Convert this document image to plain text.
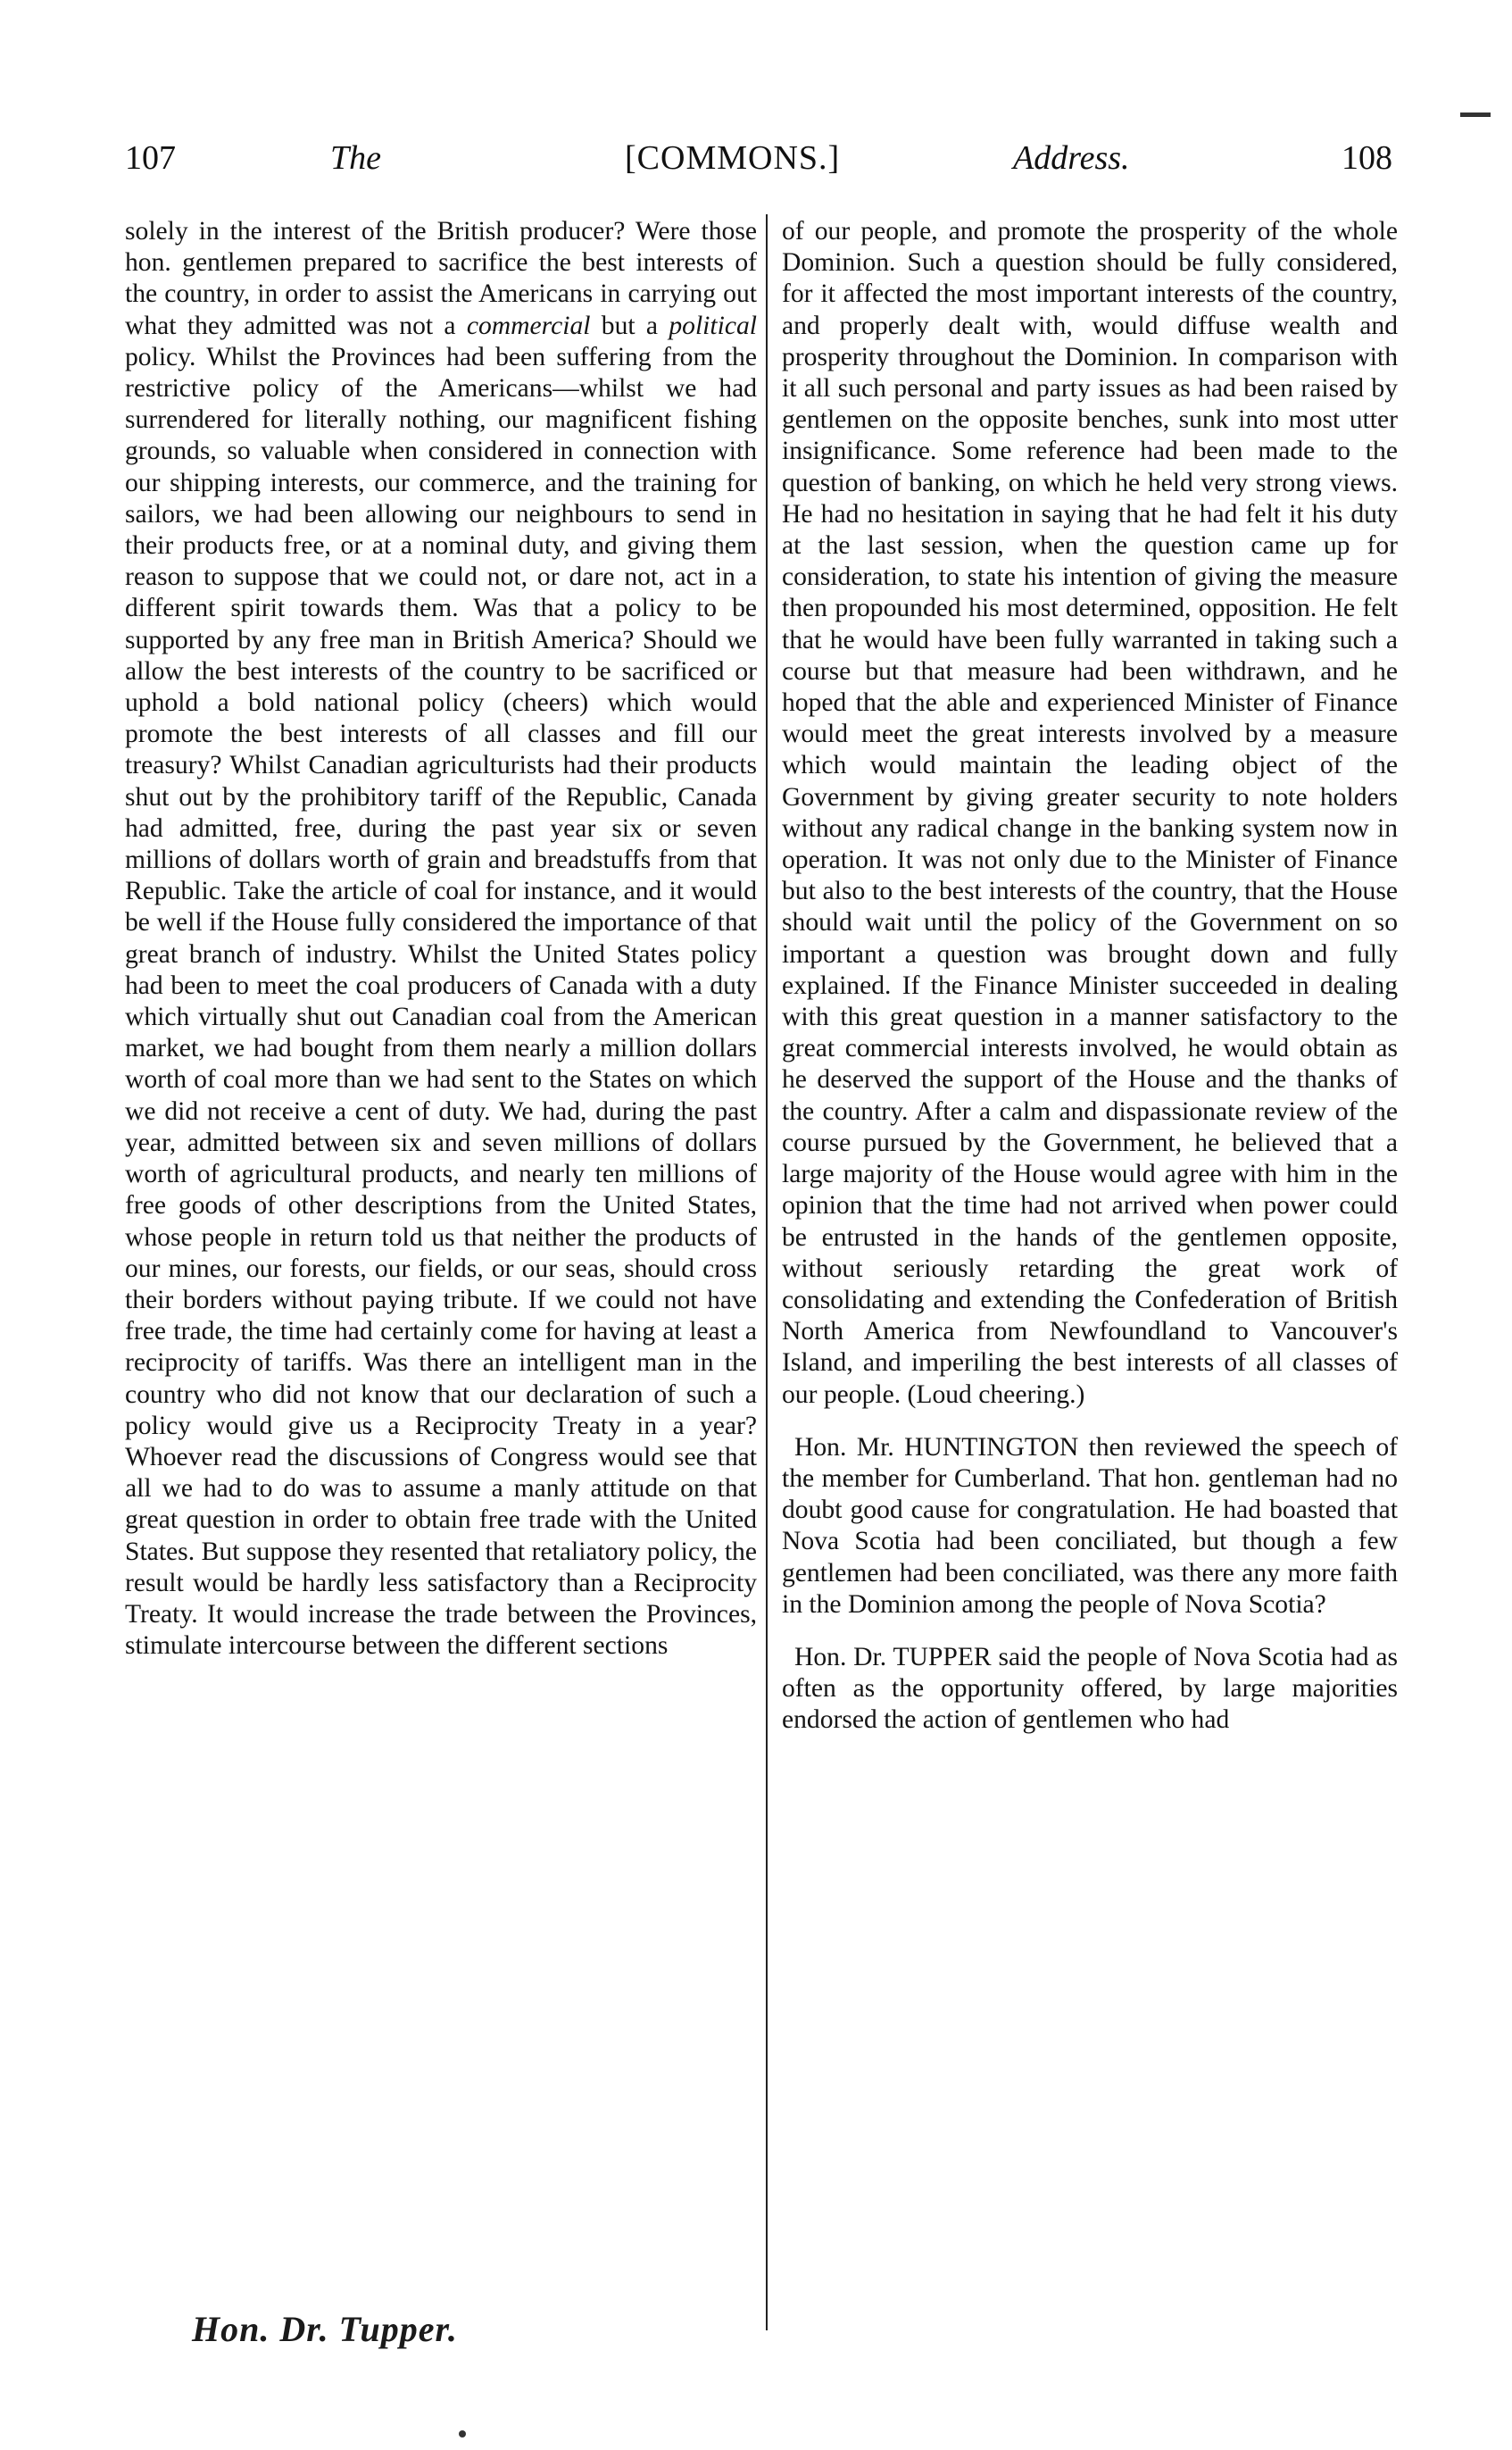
107	The	[COMMONS.]	Address.	108

solely in the interest of the British producer? Were those hon. gentlemen prepared to sacrifice the best interests of the country, in order to assist the Americans in carrying out what they admitted was not a commercial but a political policy. Whilst the Provinces had been suffering from the restrictive policy of the Americans—whilst we had surrendered for literally nothing, our magnificent fishing grounds, so valuable when considered in connection with our shipping interests, our commerce, and the training for sailors, we had been allowing our neighbours to send in their products free, or at a nominal duty, and giving them reason to suppose that we could not, or dare not, act in a different spirit towards them. Was that a policy to be supported by any free man in British America? Should we allow the best interests of the country to be sacrificed or uphold a bold national policy (cheers) which would promote the best interests of all classes and fill our treasury? Whilst Canadian agriculturists had their products shut out by the prohibitory tariff of the Republic, Canada had admitted, free, during the past year six or seven millions of dollars worth of grain and breadstuffs from that Republic. Take the article of coal for instance, and it would be well if the House fully considered the importance of that great branch of industry. Whilst the United States policy had been to meet the coal producers of Canada with a duty which virtually shut out Canadian coal from the American market, we had bought from them nearly a million dollars worth of coal more than we had sent to the States on which we did not receive a cent of duty. We had, during the past year, admitted between six and seven millions of dollars worth of agricultural products, and nearly ten millions of free goods of other descriptions from the United States, whose people in return told us that neither the products of our mines, our forests, our fields, or our seas, should cross their borders without paying tribute. If we could not have free trade, the time had certainly come for having at least a reciprocity of tariffs. Was there an intelligent man in the country who did not know that our declaration of such a policy would give us a Reciprocity Treaty in a year? Whoever read the discussions of Congress would see that all we had to do was to assume a manly attitude on that great question in order to obtain free trade with the United States. But suppose they resented that retaliatory policy, the result would be hardly less satisfactory than a Reciprocity Treaty. It would increase the trade between the Provinces, stimulate intercourse between the different sections

of our people, and promote the prosperity of the whole Dominion. Such a question should be fully considered, for it affected the most important interests of the country, and properly dealt with, would diffuse wealth and prosperity throughout the Dominion. In comparison with it all such personal and party issues as had been raised by gentlemen on the opposite benches, sunk into most utter insignificance. Some reference had been made to the question of banking, on which he held very strong views. He had no hesitation in saying that he had felt it his duty at the last session, when the question came up for consideration, to state his intention of giving the measure then propounded his most determined, opposition. He felt that he would have been fully warranted in taking such a course but that measure had been withdrawn, and he hoped that the able and experienced Minister of Finance would meet the great interests involved by a measure which would maintain the leading object of the Government by giving greater security to note holders without any radical change in the banking system now in operation. It was not only due to the Minister of Finance but also to the best interests of the country, that the House should wait until the policy of the Government on so important a question was brought down and fully explained. If the Finance Minister succeeded in dealing with this great question in a manner satisfactory to the great commercial interests involved, he would obtain as he deserved the support of the House and the thanks of the country. After a calm and dispassionate review of the course pursued by the Government, he believed that a large majority of the House would agree with him in the opinion that the time had not arrived when power could be entrusted in the hands of the gentlemen opposite, without seriously retarding the great work of consolidating and extending the Confederation of British North America from Newfoundland to Vancouver's Island, and imperiling the best interests of all classes of our people. (Loud cheering.)

Hon. Mr. HUNTINGTON then reviewed the speech of the member for Cumberland. That hon. gentleman had no doubt good cause for congratulation. He had boasted that Nova Scotia had been conciliated, but though a few gentlemen had been conciliated, was there any more faith in the Dominion among the people of Nova Scotia?

Hon. Dr. TUPPER said the people of Nova Scotia had as often as the opportunity offered, by large majorities endorsed the action of gentlemen who had

Hon. Dr. Tupper.
